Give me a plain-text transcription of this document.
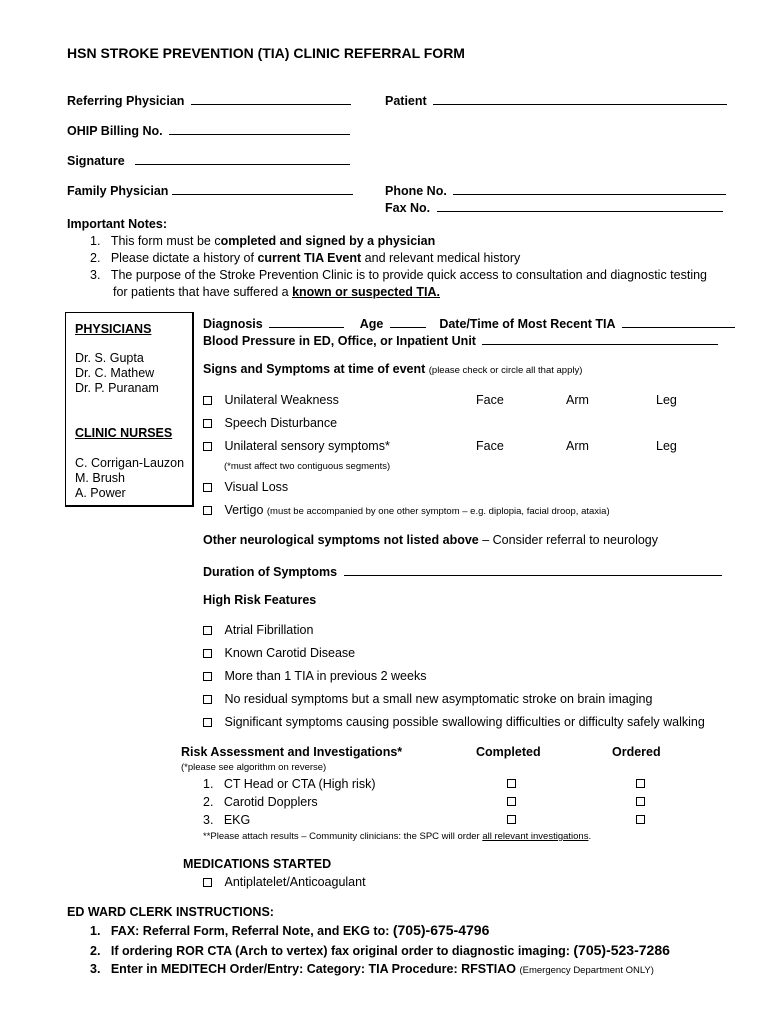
HSN STROKE PREVENTION (TIA) CLINIC REFERRAL FORM
Referring Physician	Patient
OHIP Billing No.
Signature
Family Physician	Phone No.
Fax No.
Important Notes:
1.   This form must be completed and signed by a physician
2.   Please dictate a history of current TIA Event and relevant medical history
3.   The purpose of the Stroke Prevention Clinic is to provide quick access to consultation and diagnostic testing
for patients that have suffered a known or suspected TIA.
PHYSICIANS
Dr. S. Gupta
Dr. C. Mathew
Dr. P. Puranam
CLINIC NURSES
C. Corrigan-Lauzon
M. Brush
A. Power
Diagnosis	Age	Date/Time of Most Recent TIA
Blood Pressure in ED, Office, or Inpatient Unit
Signs and Symptoms at time of event (please check or circle all that apply)
Unilateral Weakness	Face	Arm	Leg
Speech Disturbance
Unilateral sensory symptoms*	Face	Arm	Leg
(*must affect two contiguous segments)
Visual Loss
Vertigo (must be accompanied by one other symptom – e.g. diplopia, facial droop, ataxia)
Other neurological symptoms not listed above – Consider referral to neurology
Duration of Symptoms
High Risk Features
Atrial Fibrillation
Known Carotid Disease
More than 1 TIA in previous 2 weeks
No residual symptoms but a small new asymptomatic stroke on brain imaging
Significant symptoms causing possible swallowing difficulties or difficulty safely walking
Risk Assessment and Investigations*	Completed	Ordered
(*please see algorithm on reverse)
1.   CT Head or CTA (High risk)
2.   Carotid Dopplers
3.   EKG
**Please attach results – Community clinicians: the SPC will order all relevant investigations.
MEDICATIONS STARTED
Antiplatelet/Anticoagulant
ED WARD CLERK INSTRUCTIONS:
1.   FAX: Referral Form, Referral Note, and EKG to: (705)-675-4796
2.   If ordering ROR CTA (Arch to vertex) fax original order to diagnostic imaging: (705)-523-7286
3.   Enter in MEDITECH Order/Entry: Category: TIA Procedure: RFSTIAO (Emergency Department ONLY)
